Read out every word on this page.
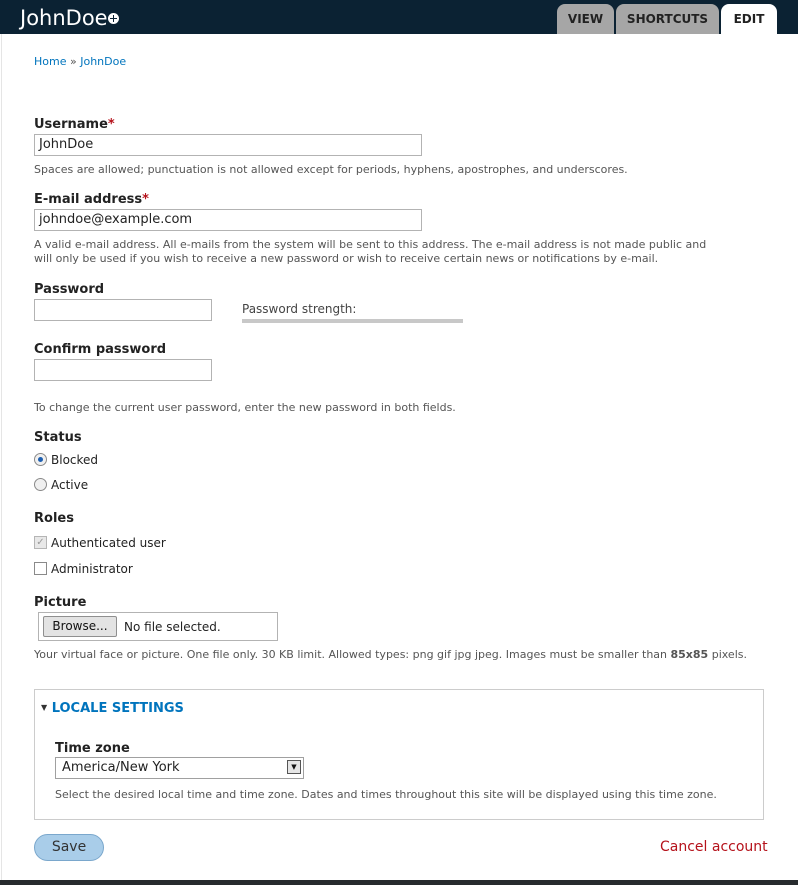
JohnDoe	VIEW	SHORTCUTS	EDIT
Home » JohnDoe
Username*
JohnDoe
Spaces are allowed; punctuation is not allowed except for periods, hyphens, apostrophes, and underscores.
E-mail address*
johndoe@example.com
A valid e-mail address. All e-mails from the system will be sent to this address. The e-mail address is not made public and
will only be used if you wish to receive a new password or wish to receive certain news or notifications by e-mail.
Password
Password strength:
Confirm password
To change the current user password, enter the new password in both fields.
Status
Blocked
Active
Roles
✓ Authenticated user
Administrator
Picture
Browse...	No file selected.
Your virtual face or picture. One file only. 30 KB limit. Allowed types: png gif jpg jpeg. Images must be smaller than 85x85 pixels.
▼ LOCALE SETTINGS
Time zone
America/New York	▼
Select the desired local time and time zone. Dates and times throughout this site will be displayed using this time zone.
Save	Cancel account
